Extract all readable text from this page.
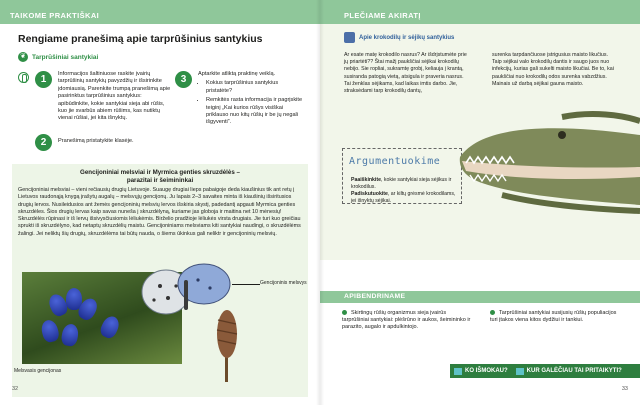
TAIKOME PRAKTIŠKAI
Rengiame pranešimą apie tarprūšinius santykius
❦ Tarprūšiniai santykiai
1	Informacijos šaltiniuose raskite įvairių tarprūšinių santykių pavyzdžių ir išsirinkite įdomiausią. Parenkite trumpą pranešimą apie pasirinktus tarprūšinius santykius: apibūdinkite, kokie santykiai sieja abi rūšis, kuo jie svarbūs abiem rūšims, kas nutiktų vienai rūšiai, jei kita išnyktų.
2	Pranešimą pristatykite klasėje.
3	Aptarkite atliktą praktinę veiklą.
• Kokius tarprūšinius santykius pristatėte?
• Remkitės rasta informacija ir pagrįskite teiginį „Kai kurios rūšys visiškai priklauso nuo kitų rūšių ir be jų negali išgyventi“.
Gencijoniniai melsviai ir Myrmica genties skruzdėlės –
parazitai ir šeimininkai
Gencijoniniai melsviai – vieni rečiausių drugių Lietuvoje. Suaugę drugiai lieps pabaigoje deda kiaušinius tik ant retų į Lietuvos raudonąją knygą įrašytų augalų – melsvųjų gencijonų. Ju lapais 2–3 savaites minta iš kiaušinių išsiritusios drugių lervos. Nusileidusios ant žemės gencijoninių melsvių lervos išskiria skystį, padedantį apgauti Myrmica genties skruzdėles. Šios drugių lervas kaip savas nuneša į skruzdėlyną, kuriame jas globoja ir maitina net 10 mėnesių! Skruzdėlės rūpinasi ir iš lervų išsivysčiusiomis lėliukėmis. Birželio pradžioje lėliukės virsta drugiais. Jie turi kuo greičiau sprukti iš skruzdėlyno, kad netaptų skruzdėlių maistu. Gencijoniniams melsviams kiti santykiai naudingi, o skruzdėlėms žalingi. Jei neliktų šių drugių, skruzdėlėms tai būtų nauda, o šiems ūkinkus gali neliktr ir gencijoninių melsvių.
Gencijoninis melsvys
Melsvasis gencijonas
32
PLEČIAME AKIRATĮ
Apie krokodilų ir sėjikų santykius
Ar esate matę krokodilo nasrus? Ar išdrįstumėte prie jų priartėti?? Štai mažį paukščiai sėjikai krokodilų nebijo. Sie ropliai, sukramtę grobį, keliauja į krantą, susiranda patogią vietą, atsigula ir praveria nasrus. Tai ženklas sėjikams, kad laikas imtis darbo. Jie, straksėdami tarp krokodilų dantų,
surenka tarpdančiuose įstrigusius maisto likučius. Taip sėjikai valo krokodilų dantis ir saugo juos nuo infekcijų, kurias gali sukelti maisto likučiai. Be to, kai paukščiai nuo krokodilų odos surenka vabzdžius. Mainais už darbą sėjikai gauna maisto.
Argumentuokime
Paaiškinkite, kokie santykiai sieja sėjikus ir krokodilus.
Padiskutuokite, ar kiltų grėsmė krokodilams, jei išnyktų sėjikai.
APIBENDRINAME
Skirtingų rūšių organizmus sieja įvairūs tarprūšiniai santykiai: plėšrūno ir aukos, šeimininko ir parazito, augalo ir apdulkintojo.
Tarprūšiniai santykiai susijusių rūšių populiacijos turi įtakos viena kitos dydžiui ir tankiui.
KO IŠMOKAU?	KUR GALĖČIAU TAI PRITAIKYTI?
33
